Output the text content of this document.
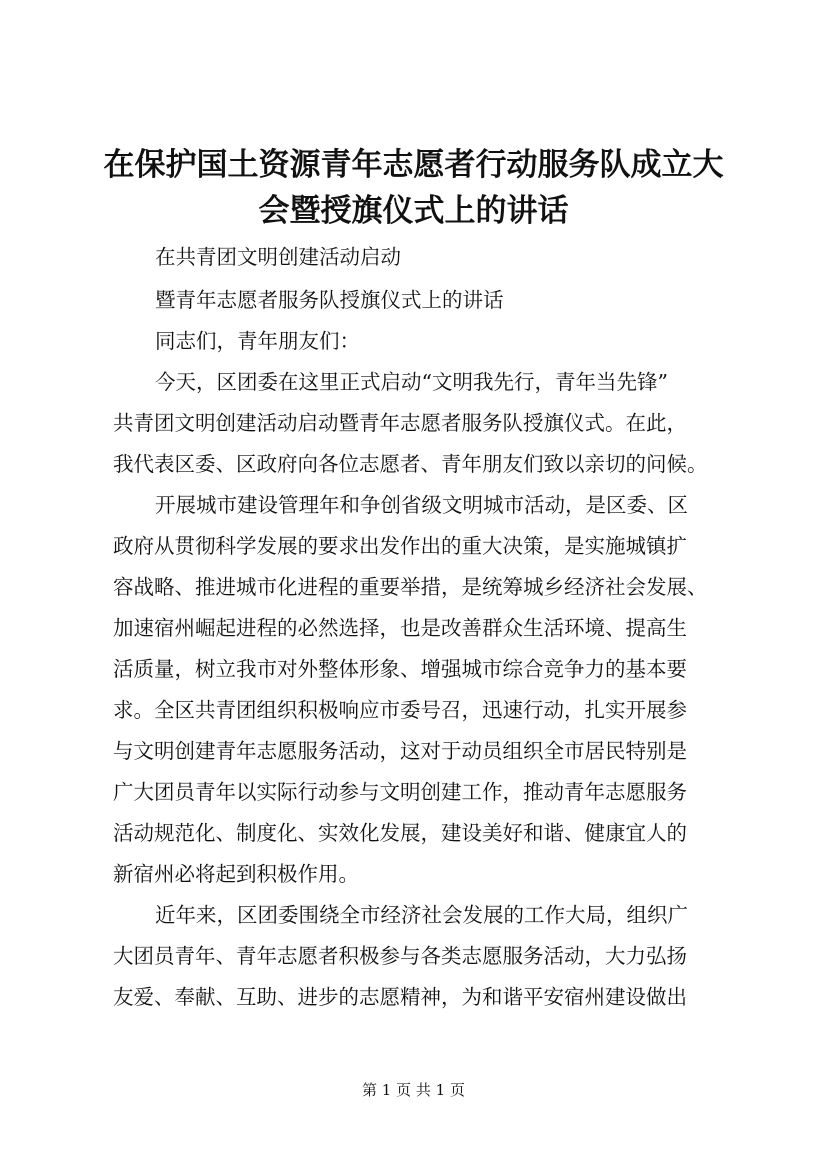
在保护国土资源青年志愿者行动服务队成立大会暨授旗仪式上的讲话

在共青团文明创建活动启动

暨青年志愿者服务队授旗仪式上的讲话

同志们，青年朋友们：

今天，区团委在这里正式启动“文明我先行，青年当先锋”

共青团文明创建活动启动暨青年志愿者服务队授旗仪式。在此，

我代表区委、区政府向各位志愿者、青年朋友们致以亲切的问候。

开展城市建设管理年和争创省级文明城市活动，是区委、区

政府从贯彻科学发展的要求出发作出的重大决策，是实施城镇扩

容战略、推进城市化进程的重要举措，是统筹城乡经济社会发展、

加速宿州崛起进程的必然选择，也是改善群众生活环境、提高生

活质量，树立我市对外整体形象、增强城市综合竞争力的基本要

求。全区共青团组织积极响应市委号召，迅速行动，扎实开展参

与文明创建青年志愿服务活动，这对于动员组织全市居民特别是

广大团员青年以实际行动参与文明创建工作，推动青年志愿服务

活动规范化、制度化、实效化发展，建设美好和谐、健康宜人的

新宿州必将起到积极作用。

近年来，区团委围绕全市经济社会发展的工作大局，组织广

大团员青年、青年志愿者积极参与各类志愿服务活动，大力弘扬

友爱、奉献、互助、进步的志愿精神，为和谐平安宿州建设做出

第 1 页 共 1 页
